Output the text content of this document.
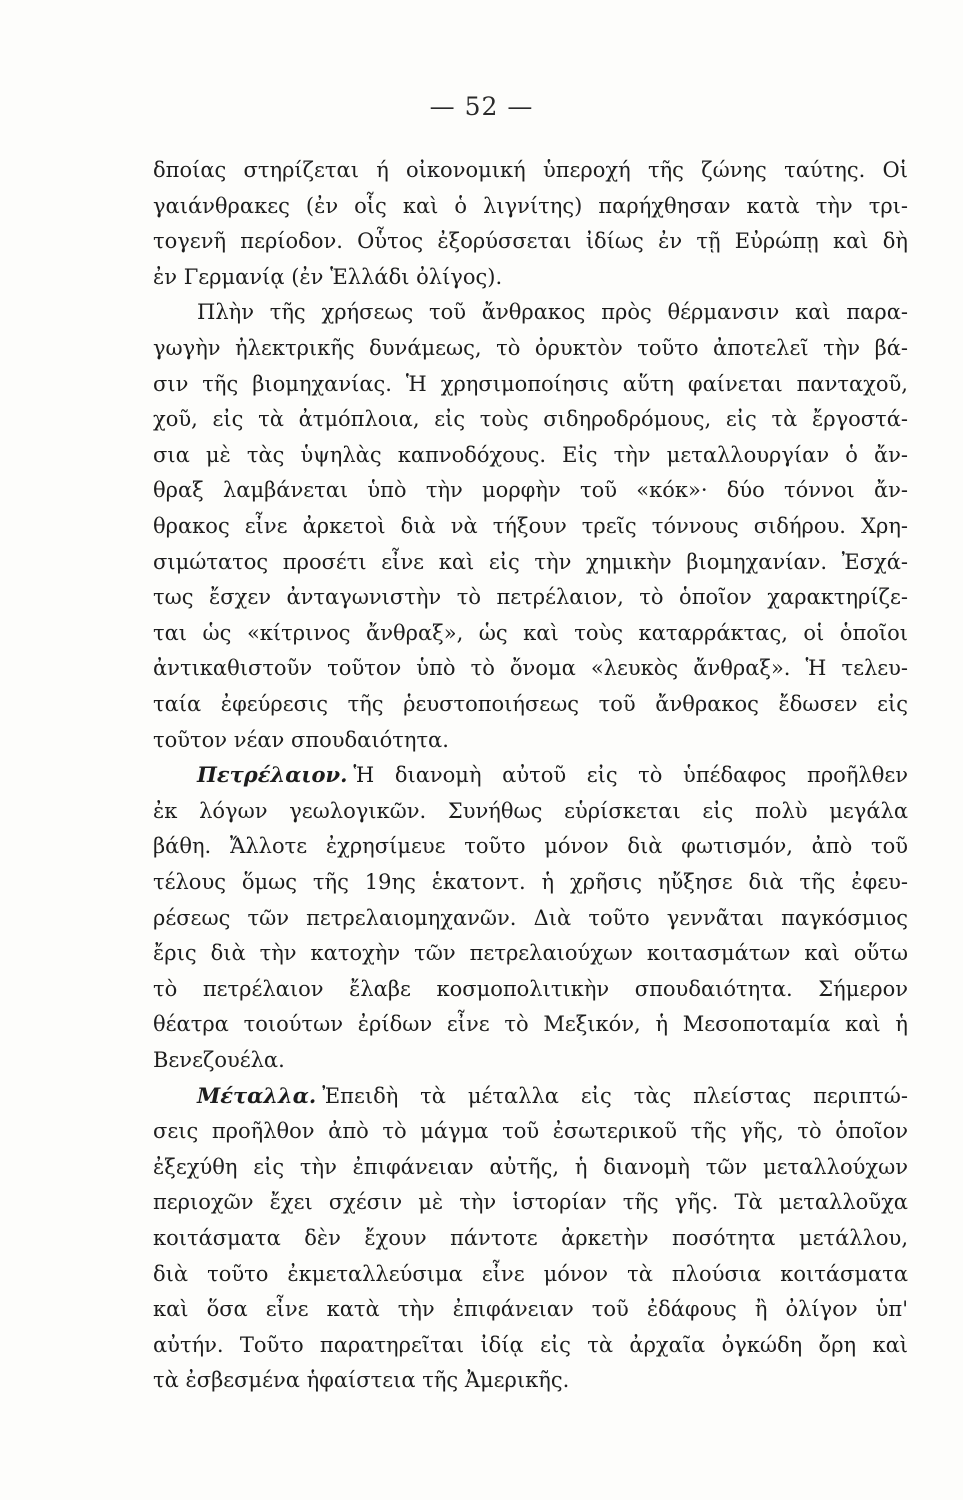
— 52 —
δποίας στηρίζεται ή οἰκονομική ὑπεροχή τῆς ζώνης ταύτης. Οἱ
γαιάνθρακες (ἐν οἷς καὶ ὁ λιγνίτης) παρήχθησαν κατὰ τὴν τρι-
τογενῆ περίοδον. Οὗτος ἐξορύσσεται ἰδίως ἐν τῇ Εὐρώπῃ καὶ δὴ
ἐν Γερμανίᾳ (ἐν Ἑλλάδι ὀλίγος).
Πλὴν τῆς χρήσεως τοῦ ἄνθρακος πρὸς θέρμανσιν καὶ παρα-
γωγὴν ἠλεκτρικῆς δυνάμεως, τὸ ὀρυκτὸν τοῦτο ἀποτελεῖ τὴν βά-
σιν τῆς βιομηχανίας. Ἡ χρησιμοποίησις αὕτη φαίνεται πανταχοῦ,
χοῦ, εἰς τὰ ἀτμόπλοια, εἰς τοὺς σιδηροδρόμους, εἰς τὰ ἔργοστά-
σια μὲ τὰς ὑψηλὰς καπνοδόχους. Εἰς τὴν μεταλλουργίαν ὁ ἄν-
θραξ λαμβάνεται ὑπὸ τὴν μορφὴν τοῦ «κόκ»· δύο τόννοι ἄν-
θρακος εἶνε ἀρκετοὶ διὰ νὰ τήξουν τρεῖς τόννους σιδήρου. Χρη-
σιμώτατος προσέτι εἶνε καὶ εἰς τὴν χημικὴν βιομηχανίαν. Ἐσχά-
τως ἔσχεν ἀνταγωνιστὴν τὸ πετρέλαιον, τὸ ὁποῖον χαρακτηρίζε-
ται ὡς «κίτρινος ἄνθραξ», ὡς καὶ τοὺς καταρράκτας, οἱ ὁποῖοι
ἀντικαθιστοῦν τοῦτον ὑπὸ τὸ ὄνομα «λευκὸς ἄνθραξ». Ἡ τελευ-
ταία ἐφεύρεσις τῆς ῥευστοποιήσεως τοῦ ἄνθρακος ἔδωσεν εἰς
τοῦτον νέαν σπουδαιότητα.
Πετρέλαιον. Ἡ διανομὴ αὐτοῦ εἰς τὸ ὑπέδαφος προῆλθεν
ἐκ λόγων γεωλογικῶν. Συνήθως εὑρίσκεται εἰς πολὺ μεγάλα
βάθη. Ἄλλοτε ἐχρησίμευε τοῦτο μόνον διὰ φωτισμόν, ἀπὸ τοῦ
τέλους ὅμως τῆς 19ης ἑκατοντ. ἡ χρῆσις ηὔξησε διὰ τῆς ἐφευ-
ρέσεως τῶν πετρελαιομηχανῶν. Διὰ τοῦτο γεννᾶται παγκόσμιος
ἔρις διὰ τὴν κατοχὴν τῶν πετρελαιούχων κοιτασμάτων καὶ οὕτω
τὸ πετρέλαιον ἔλαβε κοσμοπολιτικὴν σπουδαιότητα. Σήμερον
θέατρα τοιούτων ἐρίδων εἶνε τὸ Μεξικόν, ἡ Μεσοποταμία καὶ ἡ
Βενεζουέλα.
Μέταλλα. Ἐπειδὴ τὰ μέταλλα εἰς τὰς πλείστας περιπτώ-
σεις προῆλθον ἀπὸ τὸ μάγμα τοῦ ἐσωτερικοῦ τῆς γῆς, τὸ ὁποῖον
ἐξεχύθη εἰς τὴν ἐπιφάνειαν αὐτῆς, ἡ διανομὴ τῶν μεταλλούχων
περιοχῶν ἔχει σχέσιν μὲ τὴν ἱστορίαν τῆς γῆς. Τὰ μεταλλοῦχα
κοιτάσματα δὲν ἔχουν πάντοτε ἀρκετὴν ποσότητα μετάλλου,
διὰ τοῦτο ἐκμεταλλεύσιμα εἶνε μόνον τὰ πλούσια κοιτάσματα
καὶ ὅσα εἶνε κατὰ τὴν ἐπιφάνειαν τοῦ ἐδάφους ἢ ὀλίγον ὑπ'
αὐτήν. Τοῦτο παρατηρεῖται ἰδίᾳ εἰς τὰ ἀρχαῖα ὀγκώδη ὄρη καὶ
τὰ ἐσβεσμένα ἡφαίστεια τῆς Ἀμερικῆς.
